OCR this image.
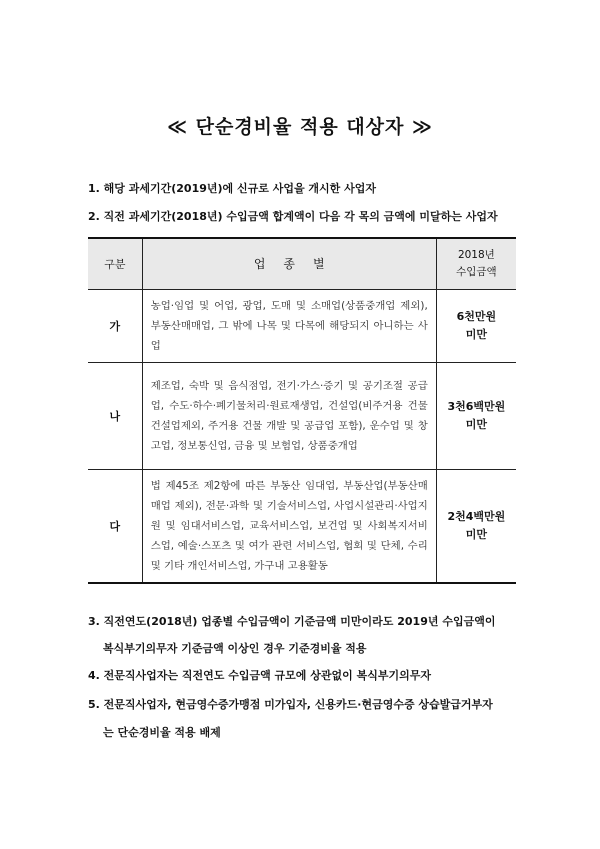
≪ 단순경비율 적용 대상자 ≫
1. 해당 과세기간(2019년)에 신규로 사업을 개시한 사업자
2. 직전 과세기간(2018년) 수입금액 합계액이 다음 각 목의 금액에 미달하는 사업자
구분	업종별	2018년
수입금액

가	농업·임업 및 어업, 광업, 도매 및 소매업(상품중개업 제외), 부동산매매업, 그 밖에 나목 및 다목에 해당되지 아니하는 사업	6천만원
미만

나	제조업, 숙박 및 음식점업, 전기·가스·증기 및 공기조절 공급업, 수도·하수·폐기물처리·원료재생업, 건설업(비주거용 건물 건설업제외, 주거용 건물 개발 및 공급업 포함), 운수업 및 창고업, 정보통신업, 금융 및 보험업, 상품중개업	3천6백만원
미만

다	법 제45조 제2항에 따른 부동산 임대업, 부동산업(부동산매매업 제외), 전문·과학 및 기술서비스업, 사업시설관리·사업지원 및 임대서비스업, 교육서비스업, 보건업 및 사회복지서비스업, 예술·스포츠 및 여가 관련 서비스업, 협회 및 단체, 수리 및 기타 개인서비스업, 가구내 고용활동	2천4백만원
미만
3. 직전연도(2018년) 업종별 수입금액이 기준금액 미만이라도 2019년 수입금액이
복식부기의무자 기준금액 이상인 경우 기준경비율 적용
4. 전문직사업자는 직전연도 수입금액 규모에 상관없이 복식부기의무자
5. 전문직사업자, 현금영수증가맹점 미가입자, 신용카드·현금영수증 상습발급거부자
는 단순경비율 적용 배제
